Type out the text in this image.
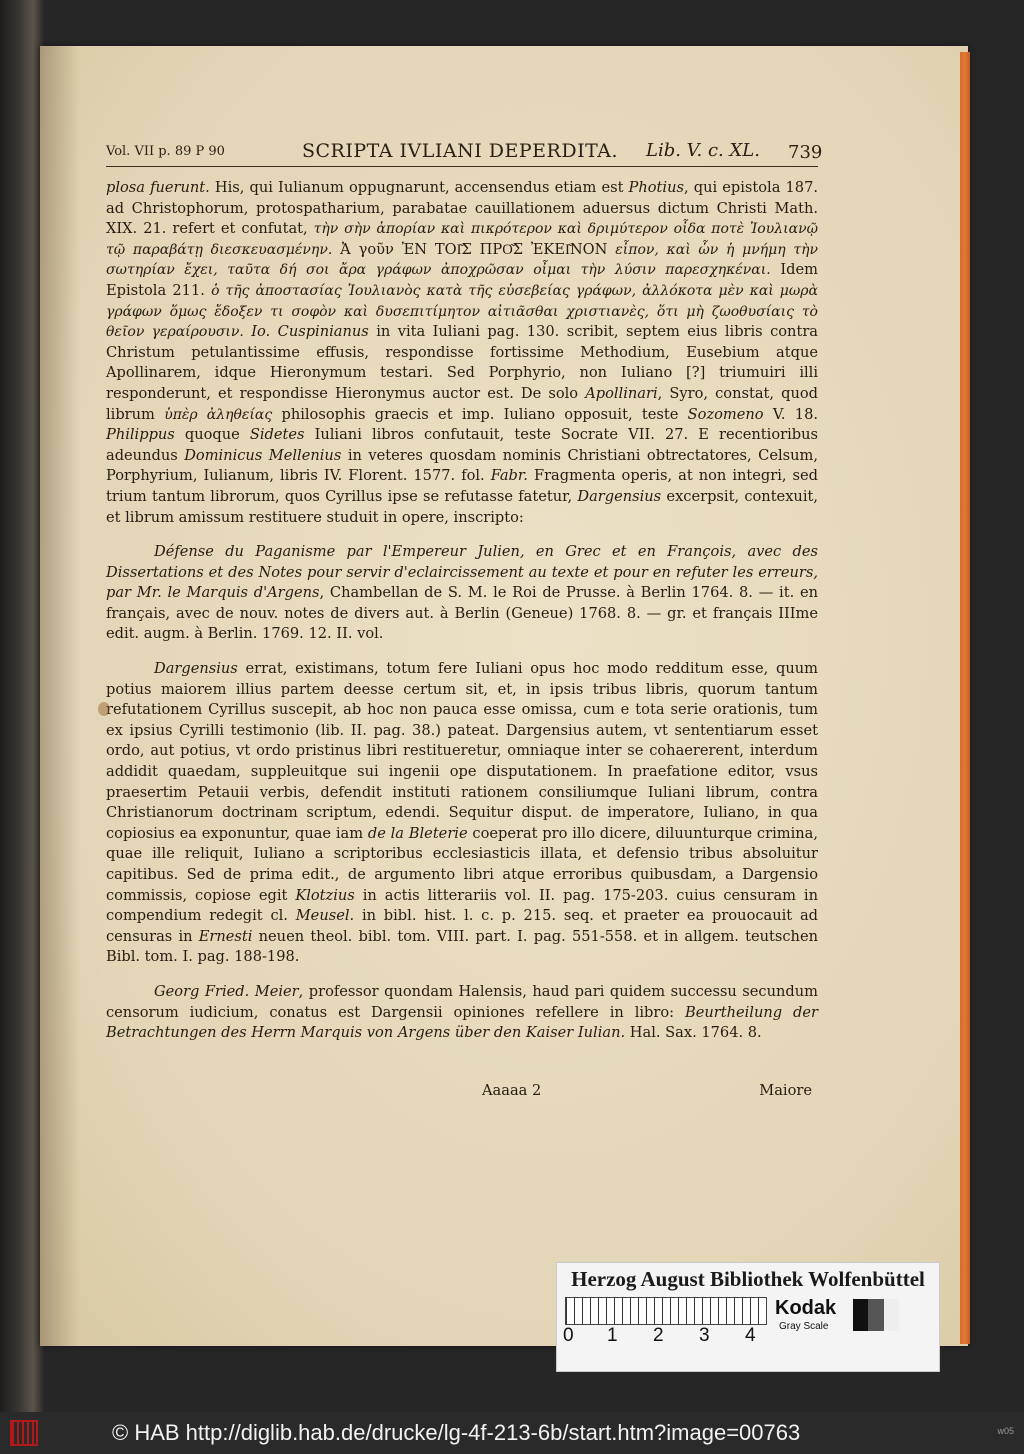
Vol. VII p. 89 P 90	SCRIPTA IVLIANI DEPERDITA. Lib. V. c. XL. 739

plosa fuerunt. His, qui Iulianum oppugnarunt, accensendus etiam est Photius, qui epistola 187. ad Christophorum, protospatharium, parabatae cauillationem aduersus dictum Christi Math. XIX. 21. refert et confutat, τὴν σὴν ἀπορίαν καὶ πικρότερον καὶ δριμύτερον οἶδα ποτὲ Ἰουλιανῷ τῷ παραβάτῃ διεσκευασμένην. Ἀ γοῦν ἘΝ ΤΟΙ͂Σ ΠΡΟ͂Σ ἘΚΕΙ͂ΝΟΝ εἶπον, καὶ ὧν ἡ μνήμη τὴν σωτηρίαν ἔχει, ταῦτα δή σοι ἄρα γράφων ἀποχρῶσαν οἶμαι τὴν λύσιν παρεσχηκέναι. Idem Epistola 211. ὁ τῆς ἀποστασίας Ἰουλιανὸς κατὰ τῆς εὐσεβείας γράφων, ἀλλόκοτα μὲν καὶ μωρὰ γράφων ὅμως ἔδοξεν τι σοφὸν καὶ δυσεπιτίμητον αἰτιᾶσθαι χριστιανὲς, ὅτι μὴ ζωοθυσίαις τὸ θεῖον γεραίρουσιν. Io. Cuspinianus in vita Iuliani pag. 130. scribit, septem eius libris contra Christum petulantissime effusis, respondisse fortissime Methodium, Eusebium atque Apollinarem, idque Hieronymum testari. Sed Porphyrio, non Iuliano [?] triumuiri illi responderunt, et respondisse Hieronymus auctor est. De solo Apollinari, Syro, constat, quod librum ὑπὲρ ἀληθείας philosophis graecis et imp. Iuliano opposuit, teste Sozomeno V. 18. Philippus quoque Sidetes Iuliani libros confutauit, teste Socrate VII. 27. E recentioribus adeundus Dominicus Mellenius in veteres quosdam nominis Christiani obtrectatores, Celsum, Porphyrium, Iulianum, libris IV. Florent. 1577. fol. Fabr. Fragmenta operis, at non integri, sed trium tantum librorum, quos Cyrillus ipse se refutasse fatetur, Dargensius excerpsit, contexuit, et librum amissum restituere studuit in opere, inscripto:

Défense du Paganisme par l'Empereur Julien, en Grec et en François, avec des Dissertations et des Notes pour servir d'eclaircissement au texte et pour en refuter les erreurs, par Mr. le Marquis d'Argens, Chambellan de S. M. le Roi de Prusse. à Berlin 1764. 8. — it. en français, avec de nouv. notes de divers aut. à Berlin (Geneue) 1768. 8. — gr. et français IIIme edit. augm. à Berlin. 1769. 12. II. vol.

Dargensius errat, existimans, totum fere Iuliani opus hoc modo redditum esse, quum potius maiorem illius partem deesse certum sit, et, in ipsis tribus libris, quorum tantum refutationem Cyrillus suscepit, ab hoc non pauca esse omissa, cum e tota serie orationis, tum ex ipsius Cyrilli testimonio (lib. II. pag. 38.) pateat. Dargensius autem, vt sententiarum esset ordo, aut potius, vt ordo pristinus libri restitueretur, omniaque inter se cohaererent, interdum addidit quaedam, suppleuitque sui ingenii ope disputationem. In praefatione editor, vsus praesertim Petauii verbis, defendit instituti rationem consiliumque Iuliani librum, contra Christianorum doctrinam scriptum, edendi. Sequitur disput. de imperatore, Iuliano, in qua copiosius ea exponuntur, quae iam de la Bleterie coeperat pro illo dicere, diluunturque crimina, quae ille reliquit, Iuliano a scriptoribus ecclesiasticis illata, et defensio tribus absoluitur capitibus. Sed de prima edit., de argumento libri atque erroribus quibusdam, a Dargensio commissis, copiose egit Klotzius in actis litterariis vol. II. pag. 175-203. cuius censuram in compendium redegit cl. Meusel. in bibl. hist. l. c. p. 215. seq. et praeter ea prouocauit ad censuras in Ernesti neuen theol. bibl. tom. VIII. part. I. pag. 551-558. et in allgem. teutschen Bibl. tom. I. pag. 188-198.

Georg Fried. Meier, professor quondam Halensis, haud pari quidem successu secundum censorum iudicium, conatus est Dargensii opiniones refellere in libro: Beurtheilung der Betrachtungen des Herrn Marquis von Argens über den Kaiser Iulian. Hal. Sax. 1764. 8.

Aaaaa 2	Maiore
Herzog August Bibliothek Wolfenbüttel
0 1 2 3 4
Kodak
Gray Scale
© HAB http://diglib.hab.de/drucke/lg-4f-213-6b/start.htm?image=00763	w05
